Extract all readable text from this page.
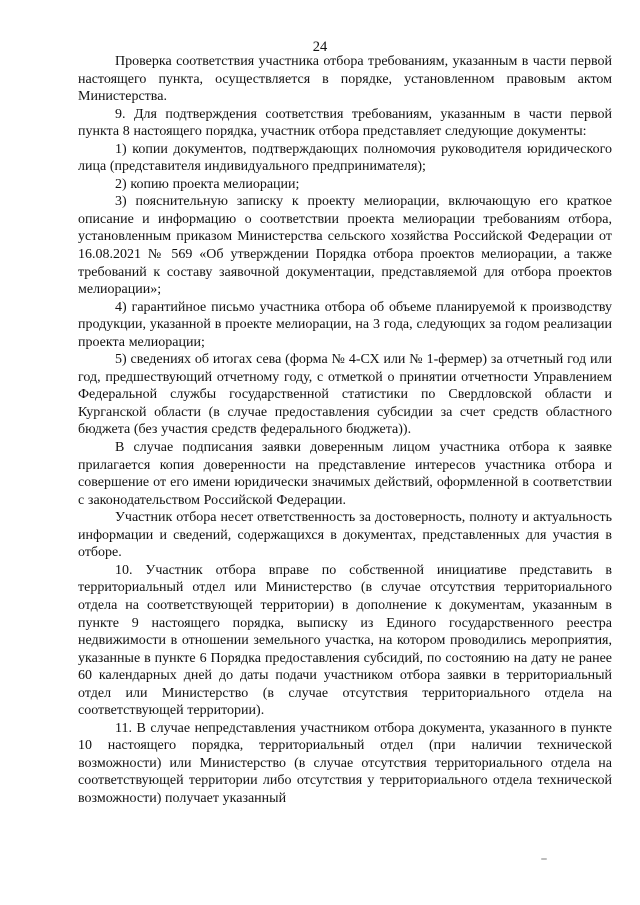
24

Проверка соответствия участника отбора требованиям, указанным в части первой настоящего пункта, осуществляется в порядке, установленном правовым актом Министерства.

9. Для подтверждения соответствия требованиям, указанным в части первой пункта 8 настоящего порядка, участник отбора представляет следующие документы:

1) копии документов, подтверждающих полномочия руководителя юридического лица (представителя индивидуального предпринимателя);

2) копию проекта мелиорации;

3) пояснительную записку к проекту мелиорации, включающую его краткое описание и информацию о соответствии проекта мелиорации требованиям отбора, установленным приказом Министерства сельского хозяйства Российской Федерации от 16.08.2021 № 569 «Об утверждении Порядка отбора проектов мелиорации, а также требований к составу заявочной документации, представляемой для отбора проектов мелиорации»;

4) гарантийное письмо участника отбора об объеме планируемой к производству продукции, указанной в проекте мелиорации, на 3 года, следующих за годом реализации проекта мелиорации;

5) сведениях об итогах сева (форма № 4-СХ или № 1-фермер) за отчетный год или год, предшествующий отчетному году, с отметкой о принятии отчетности Управлением Федеральной службы государственной статистики по Свердловской области и Курганской области (в случае предоставления субсидии за счет средств областного бюджета (без участия средств федерального бюджета)).

В случае подписания заявки доверенным лицом участника отбора к заявке прилагается копия доверенности на представление интересов участника отбора и совершение от его имени юридически значимых действий, оформленной в соответствии с законодательством Российской Федерации.

Участник отбора несет ответственность за достоверность, полноту и актуальность информации и сведений, содержащихся в документах, представленных для участия в отборе.

10. Участник отбора вправе по собственной инициативе представить в территориальный отдел или Министерство (в случае отсутствия территориального отдела на соответствующей территории) в дополнение к документам, указанным в пункте 9 настоящего порядка, выписку из Единого государственного реестра недвижимости в отношении земельного участка, на котором проводились мероприятия, указанные в пункте 6 Порядка предоставления субсидий, по состоянию на дату не ранее 60 календарных дней до даты подачи участником отбора заявки в территориальный отдел или Министерство (в случае отсутствия территориального отдела на соответствующей территории).

11. В случае непредставления участником отбора документа, указанного в пункте 10 настоящего порядка, территориальный отдел (при наличии технической возможности) или Министерство (в случае отсутствия территориального отдела на соответствующей территории либо отсутствия у территориального отдела технической возможности) получает указанный
